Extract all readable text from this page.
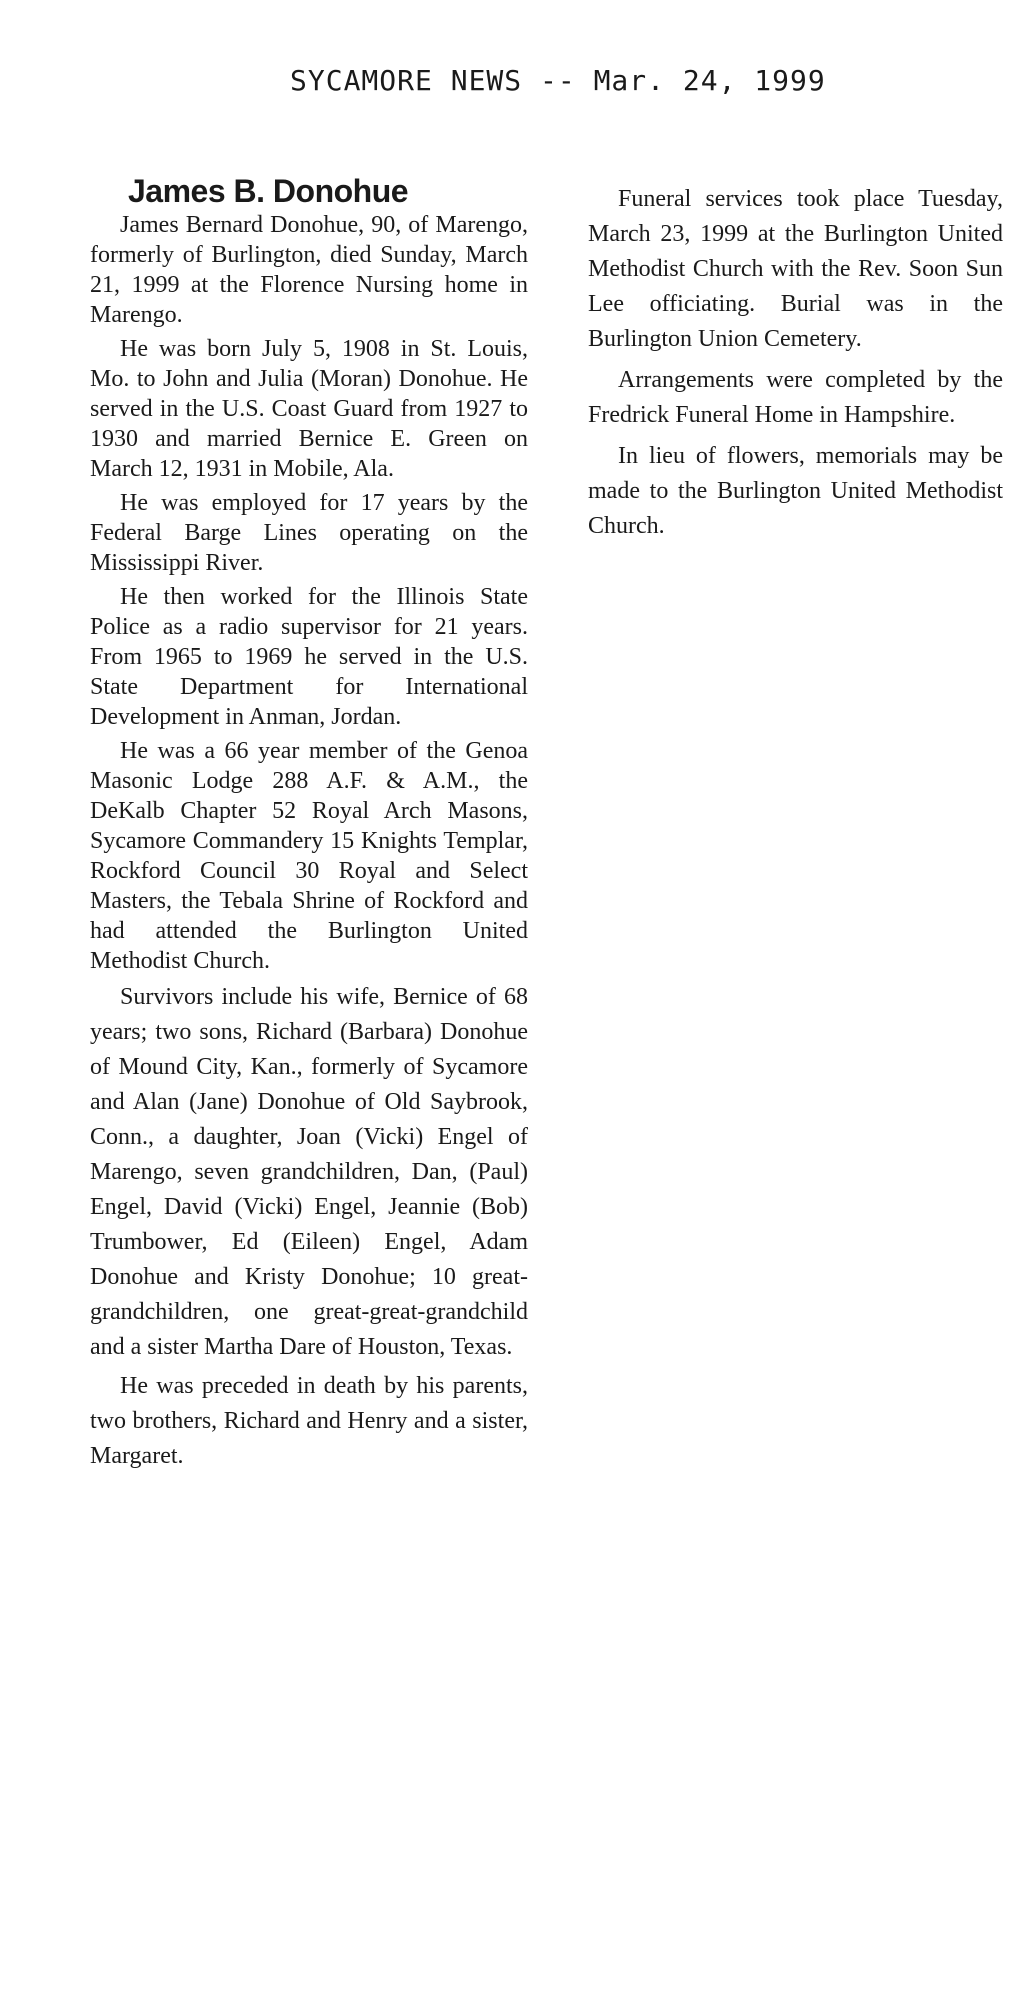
SYCAMORE NEWS -- Mar. 24, 1999
James B. Donohue

James Bernard Donohue, 90, of Marengo, formerly of Burlington, died Sunday, March 21, 1999 at the Florence Nursing home in Marengo.

He was born July 5, 1908 in St. Louis, Mo. to John and Julia (Moran) Donohue. He served in the U.S. Coast Guard from 1927 to 1930 and married Bernice E. Green on March 12, 1931 in Mobile, Ala.

He was employed for 17 years by the Federal Barge Lines operating on the Mississippi River.

He then worked for the Illinois State Police as a radio supervisor for 21 years. From 1965 to 1969 he served in the U.S. State Department for International Development in Anman, Jordan.

He was a 66 year member of the Genoa Masonic Lodge 288 A.F. & A.M., the DeKalb Chapter 52 Royal Arch Masons, Sycamore Commandery 15 Knights Templar, Rockford Council 30 Royal and Select Masters, the Tebala Shrine of Rockford and had attended the Burlington United Methodist Church.

Survivors include his wife, Bernice of 68 years; two sons, Richard (Barbara) Donohue of Mound City, Kan., formerly of Sycamore and Alan (Jane) Donohue of Old Saybrook, Conn., a daughter, Joan (Vicki) Engel of Marengo, seven grandchildren, Dan, (Paul) Engel, David (Vicki) Engel, Jeannie (Bob) Trumbower, Ed (Eileen) Engel, Adam Donohue and Kristy Donohue; 10 great-grandchildren, one great-great-grandchild and a sister Martha Dare of Houston, Texas.

He was preceded in death by his parents, two brothers, Richard and Henry and a sister, Margaret.

Funeral services took place Tuesday, March 23, 1999 at the Burlington United Methodist Church with the Rev. Soon Sun Lee officiating. Burial was in the Burlington Union Cemetery.

Arrangements were completed by the Fredrick Funeral Home in Hampshire.

In lieu of flowers, memorials may be made to the Burlington United Methodist Church.
